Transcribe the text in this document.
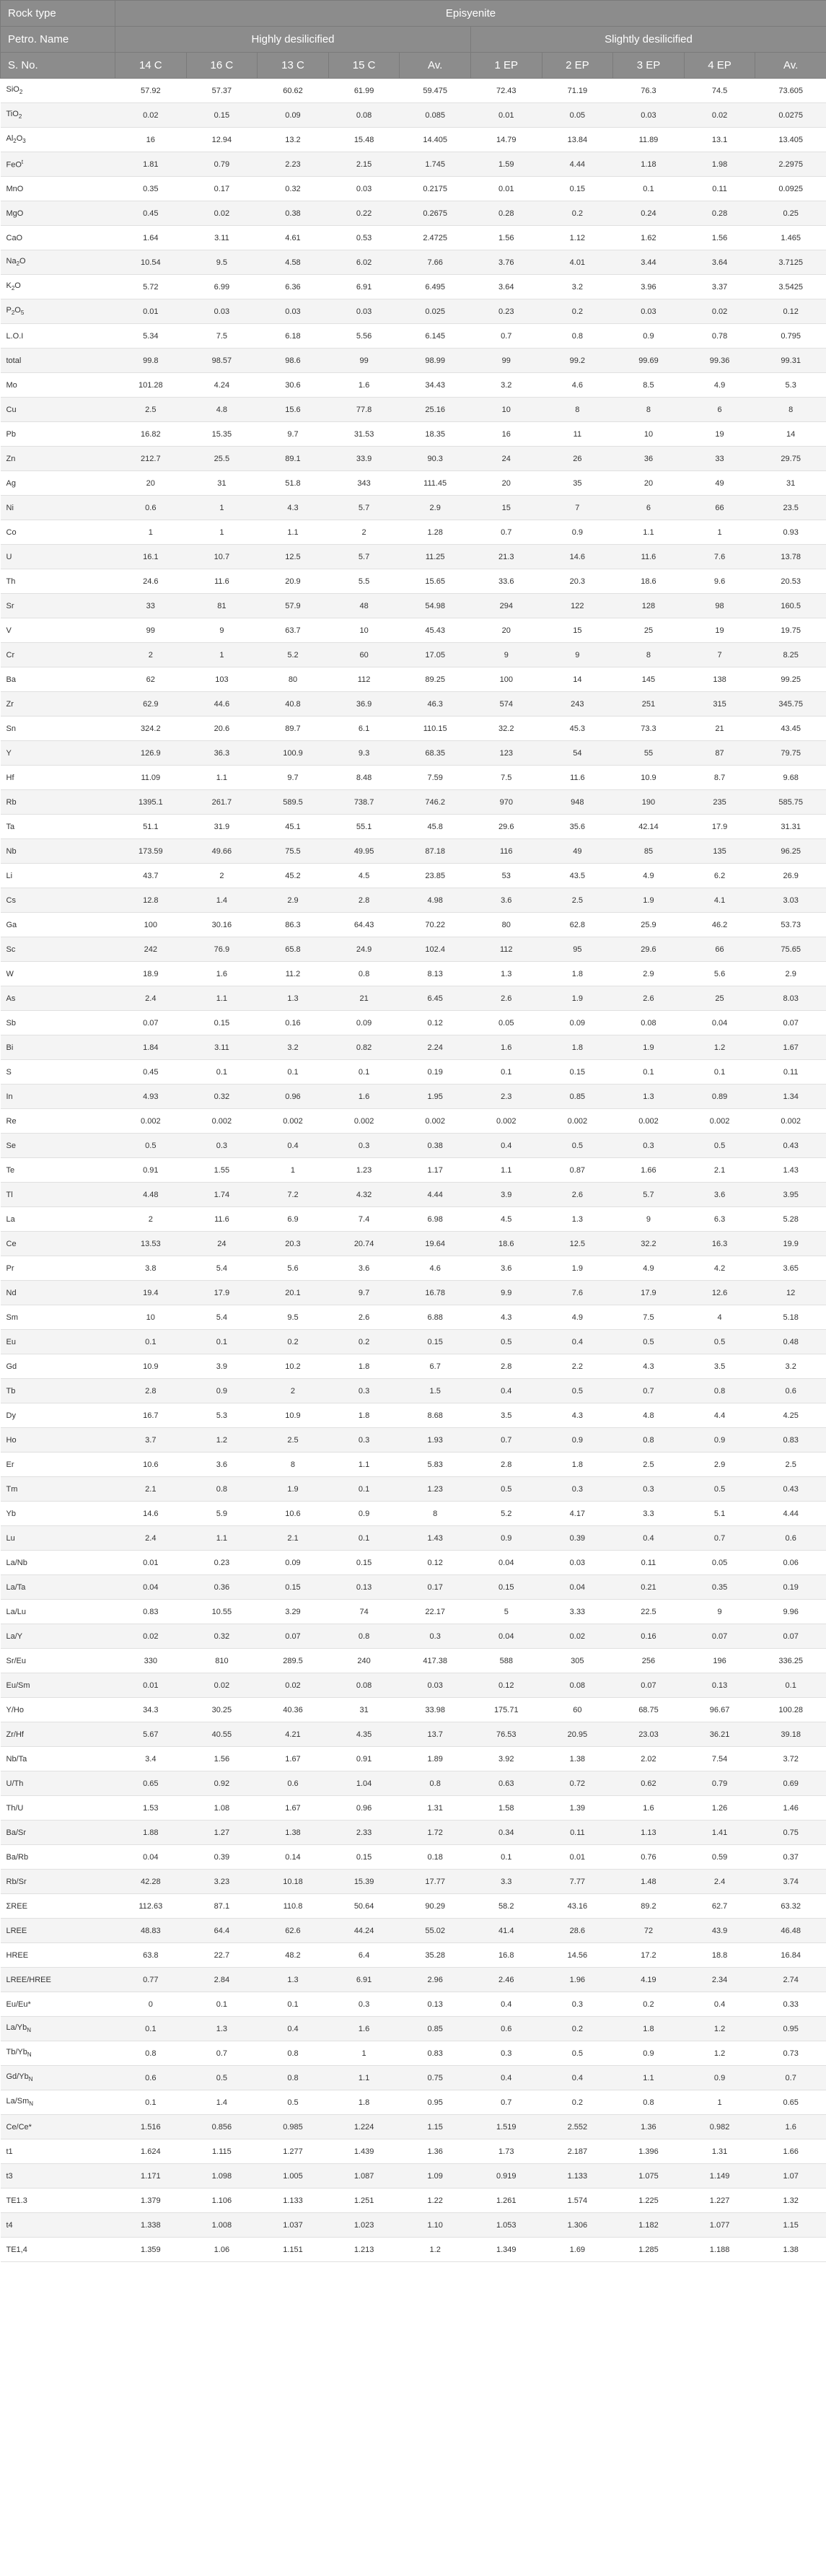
Rock type	Episyenite									
Petro. Name	Highly desilicified					Slightly desilicified				
S. No.	14 C	16 C	13 C	15 C	Av.	1 EP	2 EP	3 EP	4 EP	Av.
SiO$_2$	57.92	57.37	60.62	61.99	59.475	72.43	71.19	76.3	74.5	73.605
TiO$_2$	0.02	0.15	0.09	0.08	0.085	0.01	0.05	0.03	0.02	0.0275
$Al_2O_3$	16	12.94	13.2	15.48	14.405	14.79	13.84	11.89	13.1	13.405
FeO$^t$	1.81	0.79	2.23	2.15	1.745	1.59	4.44	1.18	1.98	2.2975
MnO	0.35	0.17	0.32	0.03	0.2175	0.01	0.15	0.1	0.11	0.0925
MgO	0.45	0.02	0.38	0.22	0.2675	0.28	0.2	0.24	0.28	0.25
CaO	1.64	3.11	4.61	0.53	2.4725	1.56	1.12	1.62	1.56	1.465
$Na_2O$	10.54	9.5	4.58	6.02	7.66	3.76	4.01	3.44	3.64	3.7125
$K_2O$	5.72	6.99	6.36	6.91	6.495	3.64	3.2	3.96	3.37	3.5425
$P_2O_5$	0.01	0.03	0.03	0.03	0.025	0.23	0.2	0.03	0.02	0.12
L.O.I	5.34	7.5	6.18	5.56	6.145	0.7	0.8	0.9	0.78	0.795
total	99.8	98.57	98.6	99	98.99	99	99.2	99.69	99.36	99.31
Mo	101.28	4.24	30.6	1.6	34.43	3.2	4.6	8.5	4.9	5.3
Cu	2.5	4.8	15.6	77.8	25.16	10	8	8	6	8
Pb	16.82	15.35	9.7	31.53	18.35	16	11	10	19	14
Zn	212.7	25.5	89.1	33.9	90.3	24	26	36	33	29.75
Ag	20	31	51.8	343	111.45	20	35	20	49	31
Ni	0.6	1	4.3	5.7	2.9	15	7	6	66	23.5
Co	1	1	1.1	2	1.28	0.7	0.9	1.1	1	0.93
U	16.1	10.7	12.5	5.7	11.25	21.3	14.6	11.6	7.6	13.78
Th	24.6	11.6	20.9	5.5	15.65	33.6	20.3	18.6	9.6	20.53
Sr	33	81	57.9	48	54.98	294	122	128	98	160.5
V	99	9	63.7	10	45.43	20	15	25	19	19.75
Cr	2	1	5.2	60	17.05	9	9	8	7	8.25
Ba	62	103	80	112	89.25	100	14	145	138	99.25
Zr	62.9	44.6	40.8	36.9	46.3	574	243	251	315	345.75
Sn	324.2	20.6	89.7	6.1	110.15	32.2	45.3	73.3	21	43.45
Y	126.9	36.3	100.9	9.3	68.35	123	54	55	87	79.75
Hf	11.09	1.1	9.7	8.48	7.59	7.5	11.6	10.9	8.7	9.68
Rb	1395.1	261.7	589.5	738.7	746.2	970	948	190	235	585.75
Ta	51.1	31.9	45.1	55.1	45.8	29.6	35.6	42.14	17.9	31.31
Nb	173.59	49.66	75.5	49.95	87.18	116	49	85	135	96.25
Li	43.7	2	45.2	4.5	23.85	53	43.5	4.9	6.2	26.9
Cs	12.8	1.4	2.9	2.8	4.98	3.6	2.5	1.9	4.1	3.03
Ga	100	30.16	86.3	64.43	70.22	80	62.8	25.9	46.2	53.73
Sc	242	76.9	65.8	24.9	102.4	112	95	29.6	66	75.65
W	18.9	1.6	11.2	0.8	8.13	1.3	1.8	2.9	5.6	2.9
As	2.4	1.1	1.3	21	6.45	2.6	1.9	2.6	25	8.03
Sb	0.07	0.15	0.16	0.09	0.12	0.05	0.09	0.08	0.04	0.07
Bi	1.84	3.11	3.2	0.82	2.24	1.6	1.8	1.9	1.2	1.67
S	0.45	0.1	0.1	0.1	0.19	0.1	0.15	0.1	0.1	0.11
In	4.93	0.32	0.96	1.6	1.95	2.3	0.85	1.3	0.89	1.34
Re	0.002	0.002	0.002	0.002	0.002	0.002	0.002	0.002	0.002	0.002
Se	0.5	0.3	0.4	0.3	0.38	0.4	0.5	0.3	0.5	0.43
Te	0.91	1.55	1	1.23	1.17	1.1	0.87	1.66	2.1	1.43
Tl	4.48	1.74	7.2	4.32	4.44	3.9	2.6	5.7	3.6	3.95
La	2	11.6	6.9	7.4	6.98	4.5	1.3	9	6.3	5.28
Ce	13.53	24	20.3	20.74	19.64	18.6	12.5	32.2	16.3	19.9
Pr	3.8	5.4	5.6	3.6	4.6	3.6	1.9	4.9	4.2	3.65
Nd	19.4	17.9	20.1	9.7	16.78	9.9	7.6	17.9	12.6	12
Sm	10	5.4	9.5	2.6	6.88	4.3	4.9	7.5	4	5.18
Eu	0.1	0.1	0.2	0.2	0.15	0.5	0.4	0.5	0.5	0.48
Gd	10.9	3.9	10.2	1.8	6.7	2.8	2.2	4.3	3.5	3.2
Tb	2.8	0.9	2	0.3	1.5	0.4	0.5	0.7	0.8	0.6
Dy	16.7	5.3	10.9	1.8	8.68	3.5	4.3	4.8	4.4	4.25
Ho	3.7	1.2	2.5	0.3	1.93	0.7	0.9	0.8	0.9	0.83
Er	10.6	3.6	8	1.1	5.83	2.8	1.8	2.5	2.9	2.5
Tm	2.1	0.8	1.9	0.1	1.23	0.5	0.3	0.3	0.5	0.43
Yb	14.6	5.9	10.6	0.9	8	5.2	4.17	3.3	5.1	4.44
Lu	2.4	1.1	2.1	0.1	1.43	0.9	0.39	0.4	0.7	0.6
La/Nb	0.01	0.23	0.09	0.15	0.12	0.04	0.03	0.11	0.05	0.06
La/Ta	0.04	0.36	0.15	0.13	0.17	0.15	0.04	0.21	0.35	0.19
La/Lu	0.83	10.55	3.29	74	22.17	5	3.33	22.5	9	9.96
La/Y	0.02	0.32	0.07	0.8	0.3	0.04	0.02	0.16	0.07	0.07
Sr/Eu	330	810	289.5	240	417.38	588	305	256	196	336.25
Eu/Sm	0.01	0.02	0.02	0.08	0.03	0.12	0.08	0.07	0.13	0.1
Y/Ho	34.3	30.25	40.36	31	33.98	175.71	60	68.75	96.67	100.28
Zr/Hf	5.67	40.55	4.21	4.35	13.7	76.53	20.95	23.03	36.21	39.18
Nb/Ta	3.4	1.56	1.67	0.91	1.89	3.92	1.38	2.02	7.54	3.72
U/Th	0.65	0.92	0.6	1.04	0.8	0.63	0.72	0.62	0.79	0.69
Th/U	1.53	1.08	1.67	0.96	1.31	1.58	1.39	1.6	1.26	1.46
Ba/Sr	1.88	1.27	1.38	2.33	1.72	0.34	0.11	1.13	1.41	0.75
Ba/Rb	0.04	0.39	0.14	0.15	0.18	0.1	0.01	0.76	0.59	0.37
Rb/Sr	42.28	3.23	10.18	15.39	17.77	3.3	7.77	1.48	2.4	3.74
ΣREE	112.63	87.1	110.8	50.64	90.29	58.2	43.16	89.2	62.7	63.32
LREE	48.83	64.4	62.6	44.24	55.02	41.4	28.6	72	43.9	46.48
HREE	63.8	22.7	48.2	6.4	35.28	16.8	14.56	17.2	18.8	16.84
LREE/HREE	0.77	2.84	1.3	6.91	2.96	2.46	1.96	4.19	2.34	2.74
Eu/Eu*	0	0.1	0.1	0.3	0.13	0.4	0.3	0.2	0.4	0.33
$La/Yb_N$	0.1	1.3	0.4	1.6	0.85	0.6	0.2	1.8	1.2	0.95
$Tb/Yb_N$	0.8	0.7	0.8	1	0.83	0.3	0.5	0.9	1.2	0.73
$Gd/Yb_N$	0.6	0.5	0.8	1.1	0.75	0.4	0.4	1.1	0.9	0.7
$La/Sm_N$	0.1	1.4	0.5	1.8	0.95	0.7	0.2	0.8	1	0.65
Ce/Ce*	1.516	0.856	0.985	1.224	1.15	1.519	2.552	1.36	0.982	1.6
t1	1.624	1.115	1.277	1.439	1.36	1.73	2.187	1.396	1.31	1.66
t3	1.171	1.098	1.005	1.087	1.09	0.919	1.133	1.075	1.149	1.07
TE1.3	1.379	1.106	1.133	1.251	1.22	1.261	1.574	1.225	1.227	1.32
t4	1.338	1.008	1.037	1.023	1.10	1.053	1.306	1.182	1.077	1.15
TE1,4	1.359	1.06	1.151	1.213	1.2	1.349	1.69	1.285	1.188	1.38
